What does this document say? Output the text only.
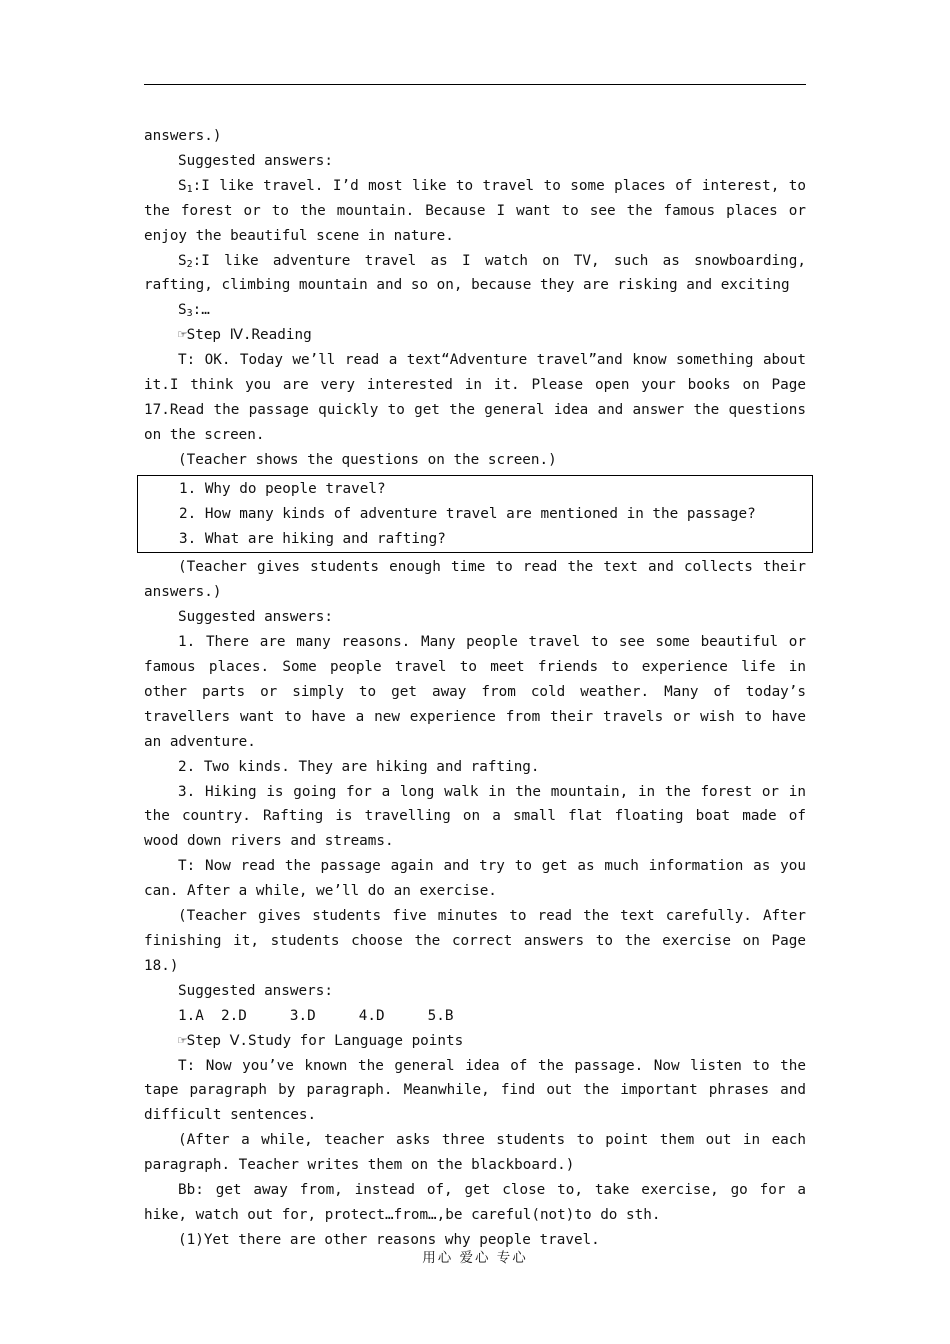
answers.)

Suggested answers:

$S_1:I$ like travel. I’d most like to travel to some places of interest, to the forest or to the mountain. Because I want to see the famous places or enjoy the beautiful scene in nature.

$S_2:I$ like adventure travel as I watch on TV, such as snowboarding, rafting, climbing mountain and so on, because they are risking and exciting

$S_3:\dots$

☞Step Ⅳ.Reading

T: OK. Today we’ll read a text“Adventure travel”and know something about it.I think you are very interested in it. Please open your books on Page 17.Read the passage quickly to get the general idea and answer the questions on the screen.

(Teacher shows the questions on the screen.)

1. Why do people travel?

2. How many kinds of adventure travel are mentioned in the passage?

3. What are hiking and rafting?

(Teacher gives students enough time to read the text and collects their answers.)

Suggested answers:

1. There are many reasons. Many people travel to see some beautiful or famous places. Some people travel to meet friends to experience life in other parts or simply to get away from cold weather. Many of today’s travellers want to have a new experience from their travels or wish to have an adventure.

2. Two kinds. They are hiking and rafting.

3. Hiking is going for a long walk in the mountain, in the forest or in the country. Rafting is travelling on a small flat floating boat made of wood down rivers and streams.

T: Now read the passage again and try to get as much information as you can. After a while, we’ll do an exercise.

(Teacher gives students five minutes to read the text carefully. After finishing it, students choose the correct answers to the exercise on Page 18.)

Suggested answers:

1.A  2.D     3.D     4.D     5.B

☞Step Ⅴ.Study for Language points

T: Now you’ve known the general idea of the passage. Now listen to the tape paragraph by paragraph. Meanwhile, find out the important phrases and difficult sentences.

(After a while, teacher asks three students to point them out in each paragraph. Teacher writes them on the blackboard.)

Bb: get away from, instead of, get close to, take exercise, go for a hike, watch out for, protect…from…,be careful(not)to do sth.

(1)Yet there are other reasons why people travel.

用心 爱心 专心
